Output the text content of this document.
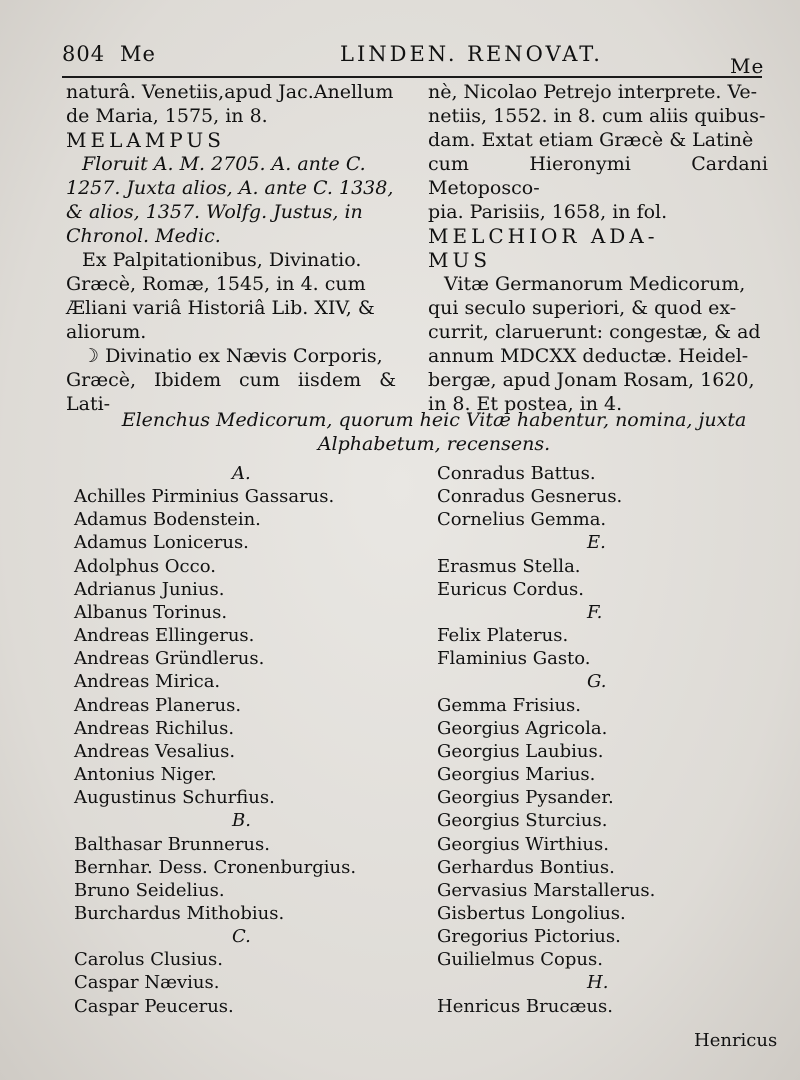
804 Me	LINDEN. RENOVAT.	Me

naturâ. Venetiis,apud Jac.Anellum

de Maria, 1575, in 8.

MELAMPUS

Floruit A. M. 2705. A. ante C.

1257. Juxta alios, A. ante C. 1338,

& alios, 1357. Wolfg. Justus, in

Chronol. Medic.

Ex Palpitationibus, Divinatio.

Græcè, Romæ, 1545, in 4. cum

Æliani variâ Historiâ Lib. XIV, &

aliorum.

☽ Divinatio ex Nævis Corporis,

Græcè, Ibidem cum iisdem & Lati-

nè, Nicolao Petrejo interprete. Ve-

netiis, 1552. in 8. cum aliis quibus-

dam. Extat etiam Græcè & Latinè

cum Hieronymi Cardani Metoposco-

pia. Parisiis, 1658, in fol.

MELCHIOR ADA-

MUS

Vitæ Germanorum Medicorum,

qui seculo superiori, & quod ex-

currit, claruerunt: congestæ, & ad

annum MDCXX deductæ. Heidel-

bergæ, apud Jonam Rosam, 1620,

in 8. Et postea, in 4.

Elenchus Medicorum, quorum heic Vitæ habentur, nomina, juxta
Alphabetum, recensens.
A.
Achilles Pirminius Gassarus.
Adamus Bodenstein.
Adamus Lonicerus.
Adolphus Occo.
Adrianus Junius.
Albanus Torinus.
Andreas Ellingerus.
Andreas Gründlerus.
Andreas Mirica.
Andreas Planerus.
Andreas Richilus.
Andreas Vesalius.
Antonius Niger.
Augustinus Schurfius.
B.
Balthasar Brunnerus.
Bernhar. Dess. Cronenburgius.
Bruno Seidelius.
Burchardus Mithobius.
C.
Carolus Clusius.
Caspar Nævius.
Caspar Peucerus.
Conradus Battus.
Conradus Gesnerus.
Cornelius Gemma.
E.
Erasmus Stella.
Euricus Cordus.
F.
Felix Platerus.
Flaminius Gasto.
G.
Gemma Frisius.
Georgius Agricola.
Georgius Laubius.
Georgius Marius.
Georgius Pysander.
Georgius Sturcius.
Georgius Wirthius.
Gerhardus Bontius.
Gervasius Marstallerus.
Gisbertus Longolius.
Gregorius Pictorius.
Guilielmus Copus.
H.
Henricus Brucæus.
Henricus
